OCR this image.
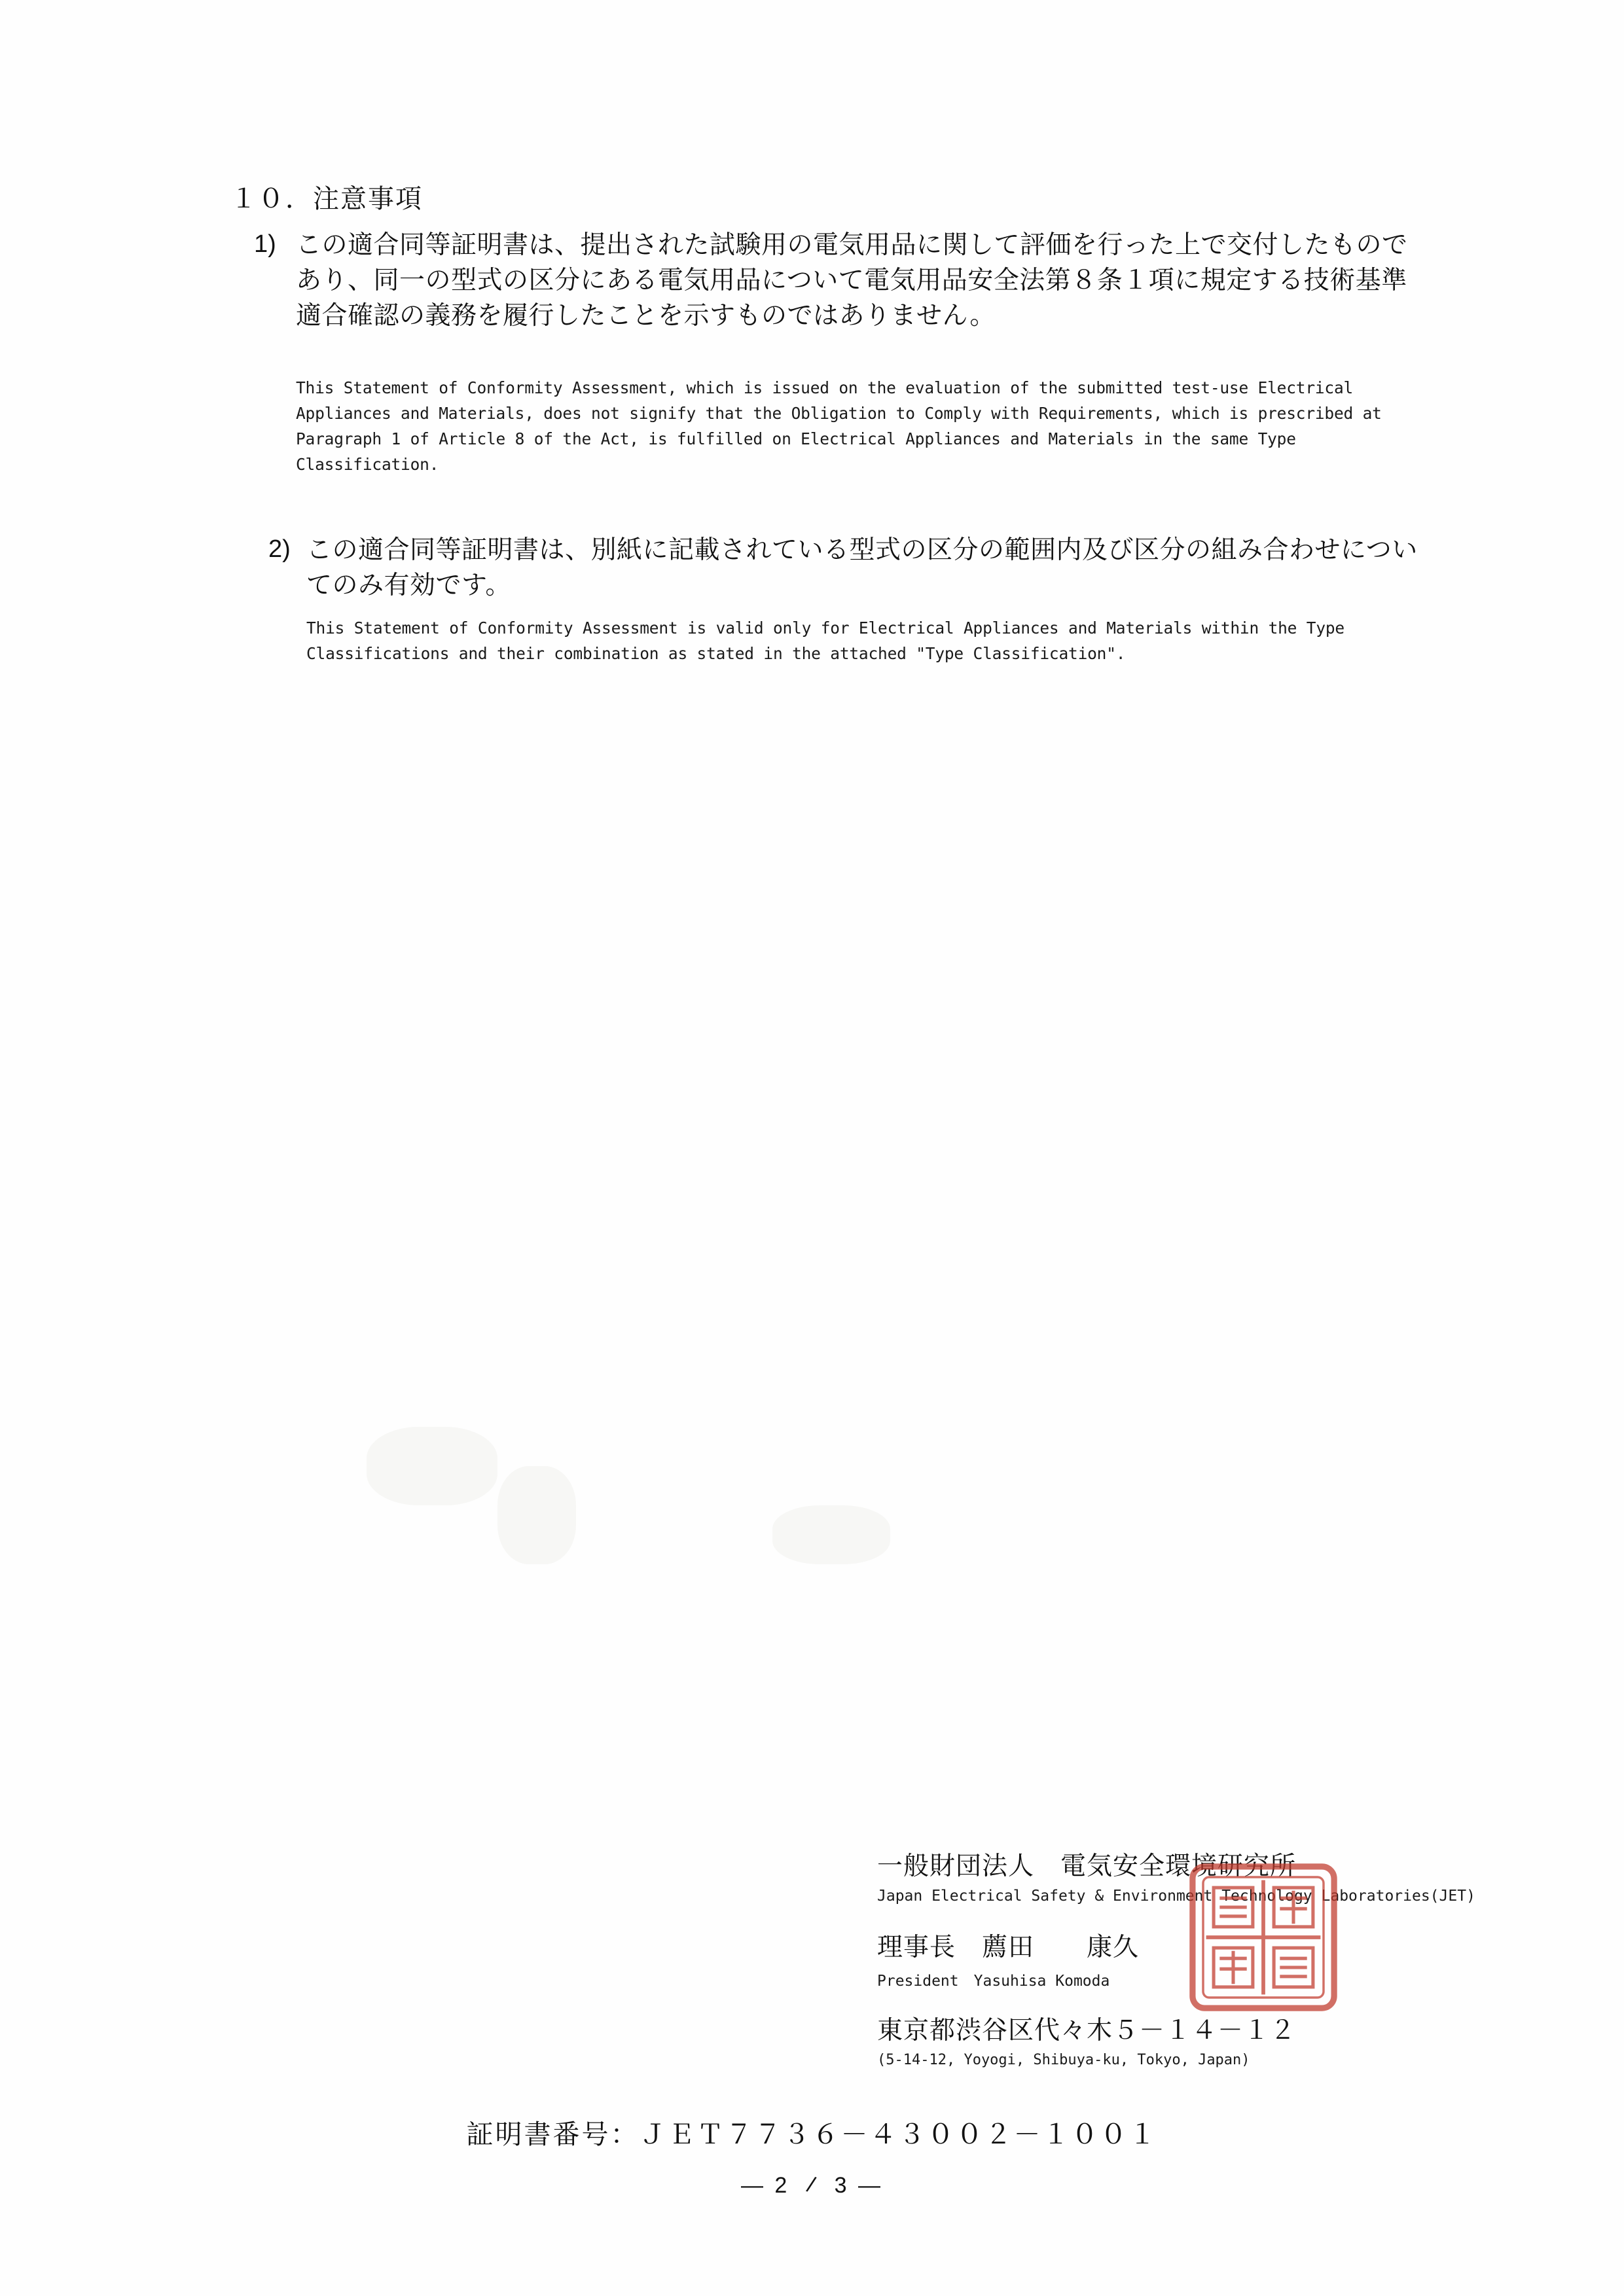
１０．注意事項
1) この適合同等証明書は、提出された試験用の電気用品に関して評価を行った上で交付したものであり、同一の型式の区分にある電気用品について電気用品安全法第８条１項に規定する技術基準適合確認の義務を履行したことを示すものではありません。
This Statement of Conformity Assessment, which is issued on the evaluation of the submitted test-use Electrical Appliances and Materials, does not signify that the Obligation to Comply with Requirements, which is prescribed at Paragraph 1 of Article 8 of the Act, is fulfilled on Electrical Appliances and Materials in the same Type Classification.
2) この適合同等証明書は、別紙に記載されている型式の区分の範囲内及び区分の組み合わせについてのみ有効です。
This Statement of Conformity Assessment is valid only for Electrical Appliances and Materials within the Type Classifications and their combination as stated in the attached "Type Classification".
一般財団法人　電気安全環境研究所
Japan Electrical Safety & Environment Technology Laboratories(JET)
理事長　薦田　　康久
President　Yasuhisa Komoda
東京都渋谷区代々木５－１４－１２
(5-14-12, Yoyogi, Shibuya-ku, Tokyo, Japan)
証明書番号：ＪＥＴ７７３６－４３００２－１００１
— 2 / 3 —
